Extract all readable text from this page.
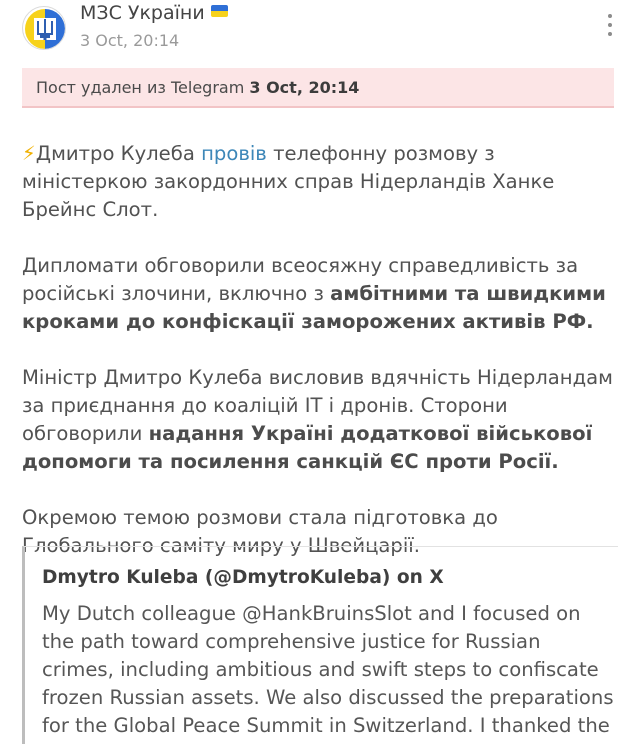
МЗС України
3 Oct, 20:14
Пост удален из Telegram 3 Oct, 20:14

⚡Дмитро Кулеба провів телефонну розмову з міністеркою закордонних справ Нідерландів Ханке Брейнс Слот.

Дипломати обговорили всеосяжну справедливість за російські злочини, включно з амбітними та швидкими кроками до конфіскації заморожених активів РФ.

Міністр Дмитро Кулеба висловив вдячність Нідерландам за приєднання до коаліцій IT і дронів. Сторони обговорили надання Україні додаткової військової допомоги та посилення санкцій ЄС проти Росії.

Окремою темою розмови стала підготовка до Глобального саміту миру у Швейцарії.

Dmytro Kuleba (@DmytroKuleba) on X
My Dutch colleague @HankBruinsSlot and I focused on the path toward comprehensive justice for Russian crimes, including ambitious and swift steps to confiscate frozen Russian assets. We also discussed the preparations for the Global Peace Summit in Switzerland. I thanked the
